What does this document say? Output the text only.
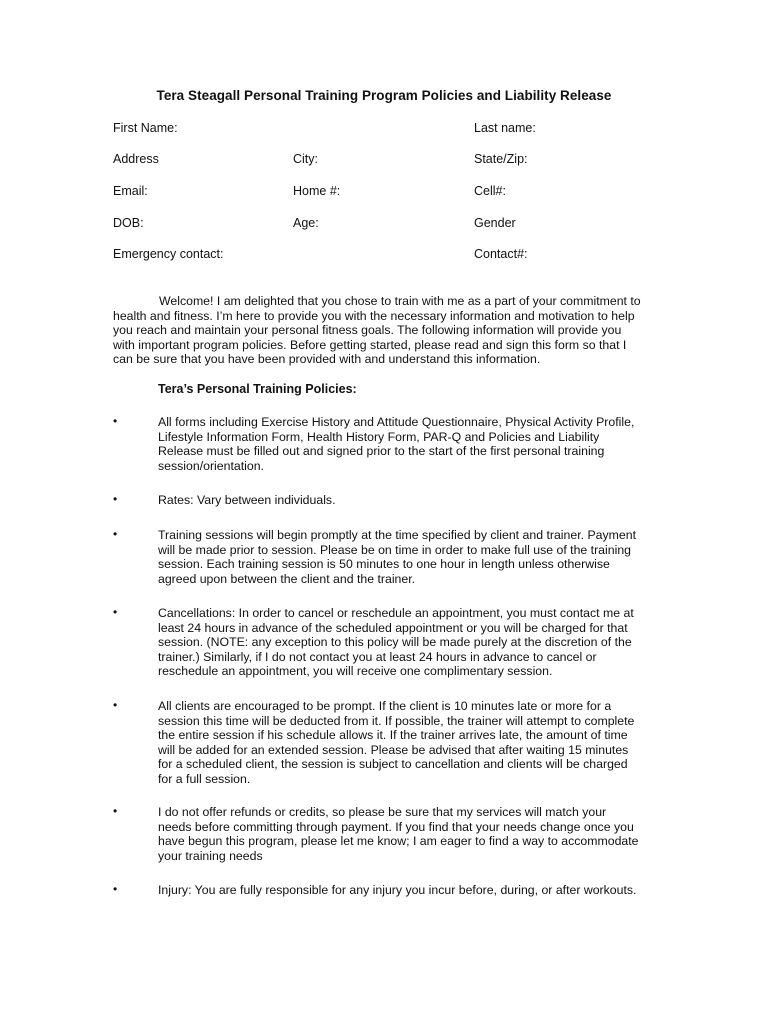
Tera Steagall Personal Training Program Policies and Liability Release
First Name:	Last name:
Address	City:	State/Zip:
Email:	Home #:	Cell#:
DOB:	Age:	Gender
Emergency contact:	Contact#:
Welcome! I am delighted that you chose to train with me as a part of your commitment to
health and fitness. I’m here to provide you with the necessary information and motivation to help
you reach and maintain your personal fitness goals. The following information will provide you
with important program policies. Before getting started, please read and sign this form so that I
can be sure that you have been provided with and understand this information.
Tera’s Personal Training Policies:
•	All forms including Exercise History and Attitude Questionnaire, Physical Activity Profile,
Lifestyle Information Form, Health History Form, PAR-Q and Policies and Liability
Release must be filled out and signed prior to the start of the first personal training
session/orientation.
•	Rates: Vary between individuals.
•	Training sessions will begin promptly at the time specified by client and trainer. Payment
will be made prior to session. Please be on time in order to make full use of the training
session. Each training session is 50 minutes to one hour in length unless otherwise
agreed upon between the client and the trainer.
•	Cancellations: In order to cancel or reschedule an appointment, you must contact me at
least 24 hours in advance of the scheduled appointment or you will be charged for that
session. (NOTE: any exception to this policy will be made purely at the discretion of the
trainer.) Similarly, if I do not contact you at least 24 hours in advance to cancel or
reschedule an appointment, you will receive one complimentary session.
•	All clients are encouraged to be prompt. If the client is 10 minutes late or more for a
session this time will be deducted from it. If possible, the trainer will attempt to complete
the entire session if his schedule allows it. If the trainer arrives late, the amount of time
will be added for an extended session. Please be advised that after waiting 15 minutes
for a scheduled client, the session is subject to cancellation and clients will be charged
for a full session.
•	I do not offer refunds or credits, so please be sure that my services will match your
needs before committing through payment. If you find that your needs change once you
have begun this program, please let me know; I am eager to find a way to accommodate
your training needs
•	Injury: You are fully responsible for any injury you incur before, during, or after workouts.
